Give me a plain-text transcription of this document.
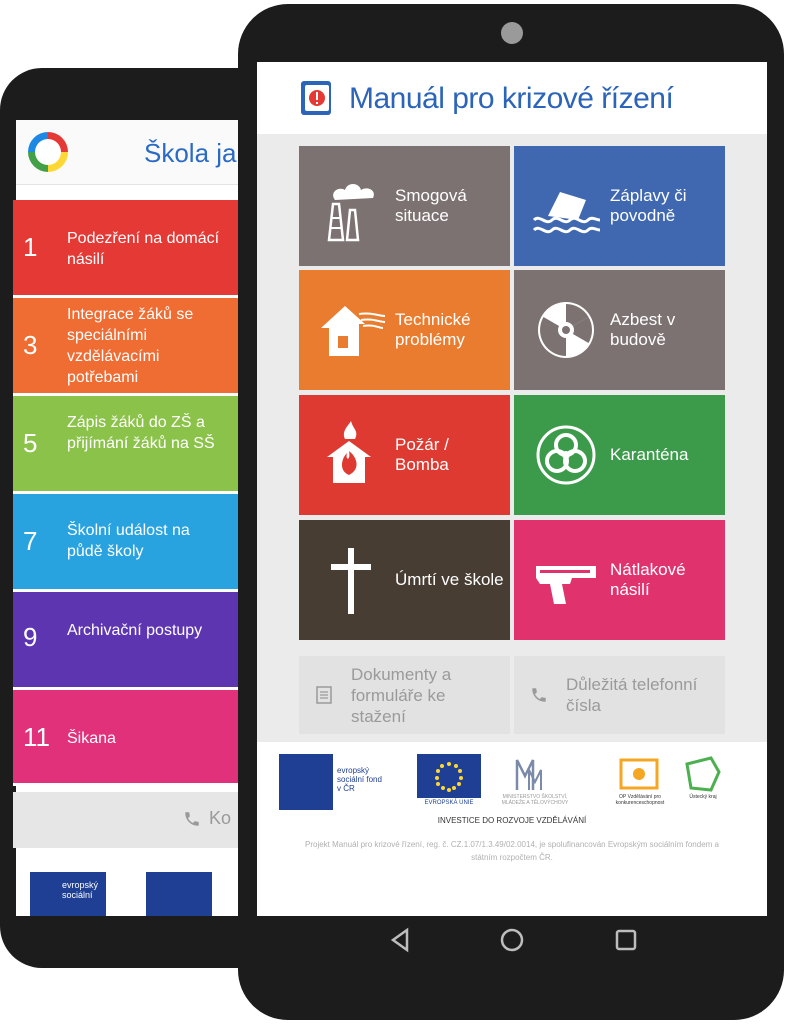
Škola ja
1 Podezření na domácí násilí
3
Integrace žáků se speciálními vzdělávacími potřebami
5
Zápis žáků do ZŠ a přijímání žáků na SŠ
7 Školní událost na půdě školy
9 Archivační postupy
11 Šikana
Ko
evropský sociální
Manuál pro krizové řízení
Smogová situace
Záplavy či povodně
Technické problémy
Azbest v budově
Požár / Bomba
Karanténa
Úmrtí ve škole
Nátlakové násilí
Dokumenty a formuláře ke stažení
Důležitá telefonní čísla
evropský sociální fond v ČR
EVROPSKÁ UNIE
MINISTERSTVO ŠKOLSTVÍ, MLÁDEŽE A TĚLOVÝCHOVY
OP Vzdělávání pro konkurenceschopnost
Ústecký kraj
INVESTICE DO ROZVOJE VZDĚLÁVÁNÍ
Projekt Manuál pro krizové řízení, reg. č. CZ.1.07/1.3.49/02.0014, je spolufinancován Evropským sociálním fondem a státním rozpočtem ČR.
